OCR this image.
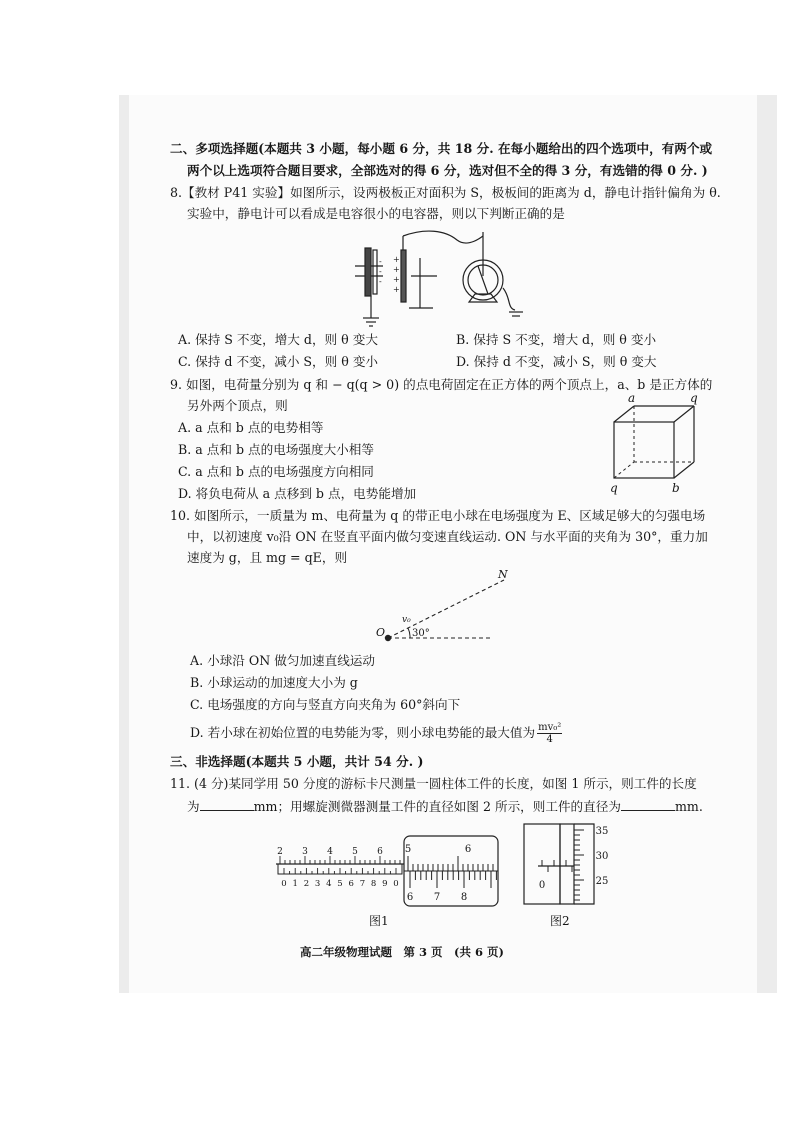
二、多项选择题(本题共 3 小题，每小题 6 分，共 18 分. 在每小题给出的四个选项中，有两个或
两个以上选项符合题目要求，全部选对的得 6 分，选对但不全的得 3 分，有选错的得 0 分. )
8.【教材 P41 实验】如图所示，设两极板正对面积为 S，极板间的距离为 d，静电计指针偏角为 θ.
实验中，静电计可以看成是电容很小的电容器，则以下判断正确的是
+
+
+
+
-
-
-
A. 保持 S 不变，增大 d，则 θ 变大	B. 保持 S 不变，增大 d，则 θ 变小
C. 保持 d 不变，减小 S，则 θ 变小	D. 保持 d 不变，减小 S，则 θ 变大
9. 如图，电荷量分别为 q 和 − q(q > 0) 的点电荷固定在正方体的两个顶点上，a、b 是正方体的
另外两个顶点，则
A. a 点和 b 点的电势相等
B. a 点和 b 点的电场强度大小相等
C. a 点和 b 点的电场强度方向相同
D. 将负电荷从 a 点移到 b 点，电势能增加
a	q
q	b
10. 如图所示，一质量为 m、电荷量为 q 的带正电小球在电场强度为 E、区域足够大的匀强电场
中，以初速度 v₀沿 ON 在竖直平面内做匀变速直线运动. ON 与水平面的夹角为 30°，重力加
速度为 g，且 mg = qE，则
O
N
v₀
30°
A. 小球沿 ON 做匀加速直线运动
B. 小球运动的加速度大小为 g
C. 电场强度的方向与竖直方向夹角为 60°斜向下
D. 若小球在初始位置的电势能为零，则小球电势能的最大值为 $\frac{\text{mv₀²}}{4}$
三、非选择题(本题共 5 小题，共计 54 分. )
11. (4 分)某同学用 50 分度的游标卡尺测量一圆柱体工件的长度，如图 1 所示，则工件的长度
为	mm；用螺旋测微器测量工件的直径如图 2 所示，则工件的直径为	mm.
2 3 4 5 6
0 1 2 3 4 5 6 7 8 9 0
5	6
6 7 8
图1
35
30
25
0
图2
高二年级物理试题　第 3 页　(共 6 页)
